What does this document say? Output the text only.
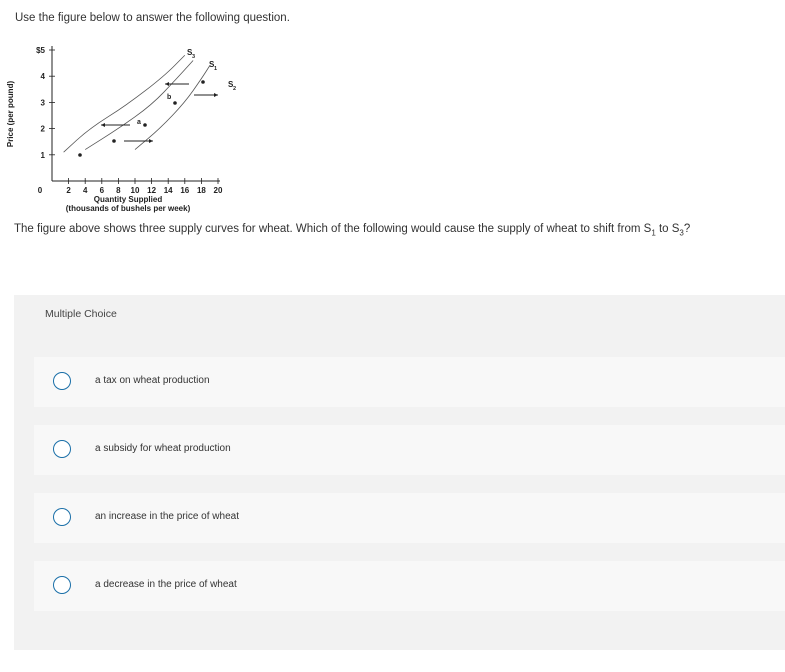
Use the figure below to answer the following question.
1
2
3
4
$5
2 4 6 8 10 12 14 16 18 20
0
Quantity Supplied
(thousands of bushels per week)
Price (per pound)
S 3
S 1
S 2
a
b
The figure above shows three supply curves for wheat. Which of the following would cause the supply of wheat to shift from $S_1$ to $S_3$?
Multiple Choice
a tax on wheat production
a subsidy for wheat production
an increase in the price of wheat
a decrease in the price of wheat
